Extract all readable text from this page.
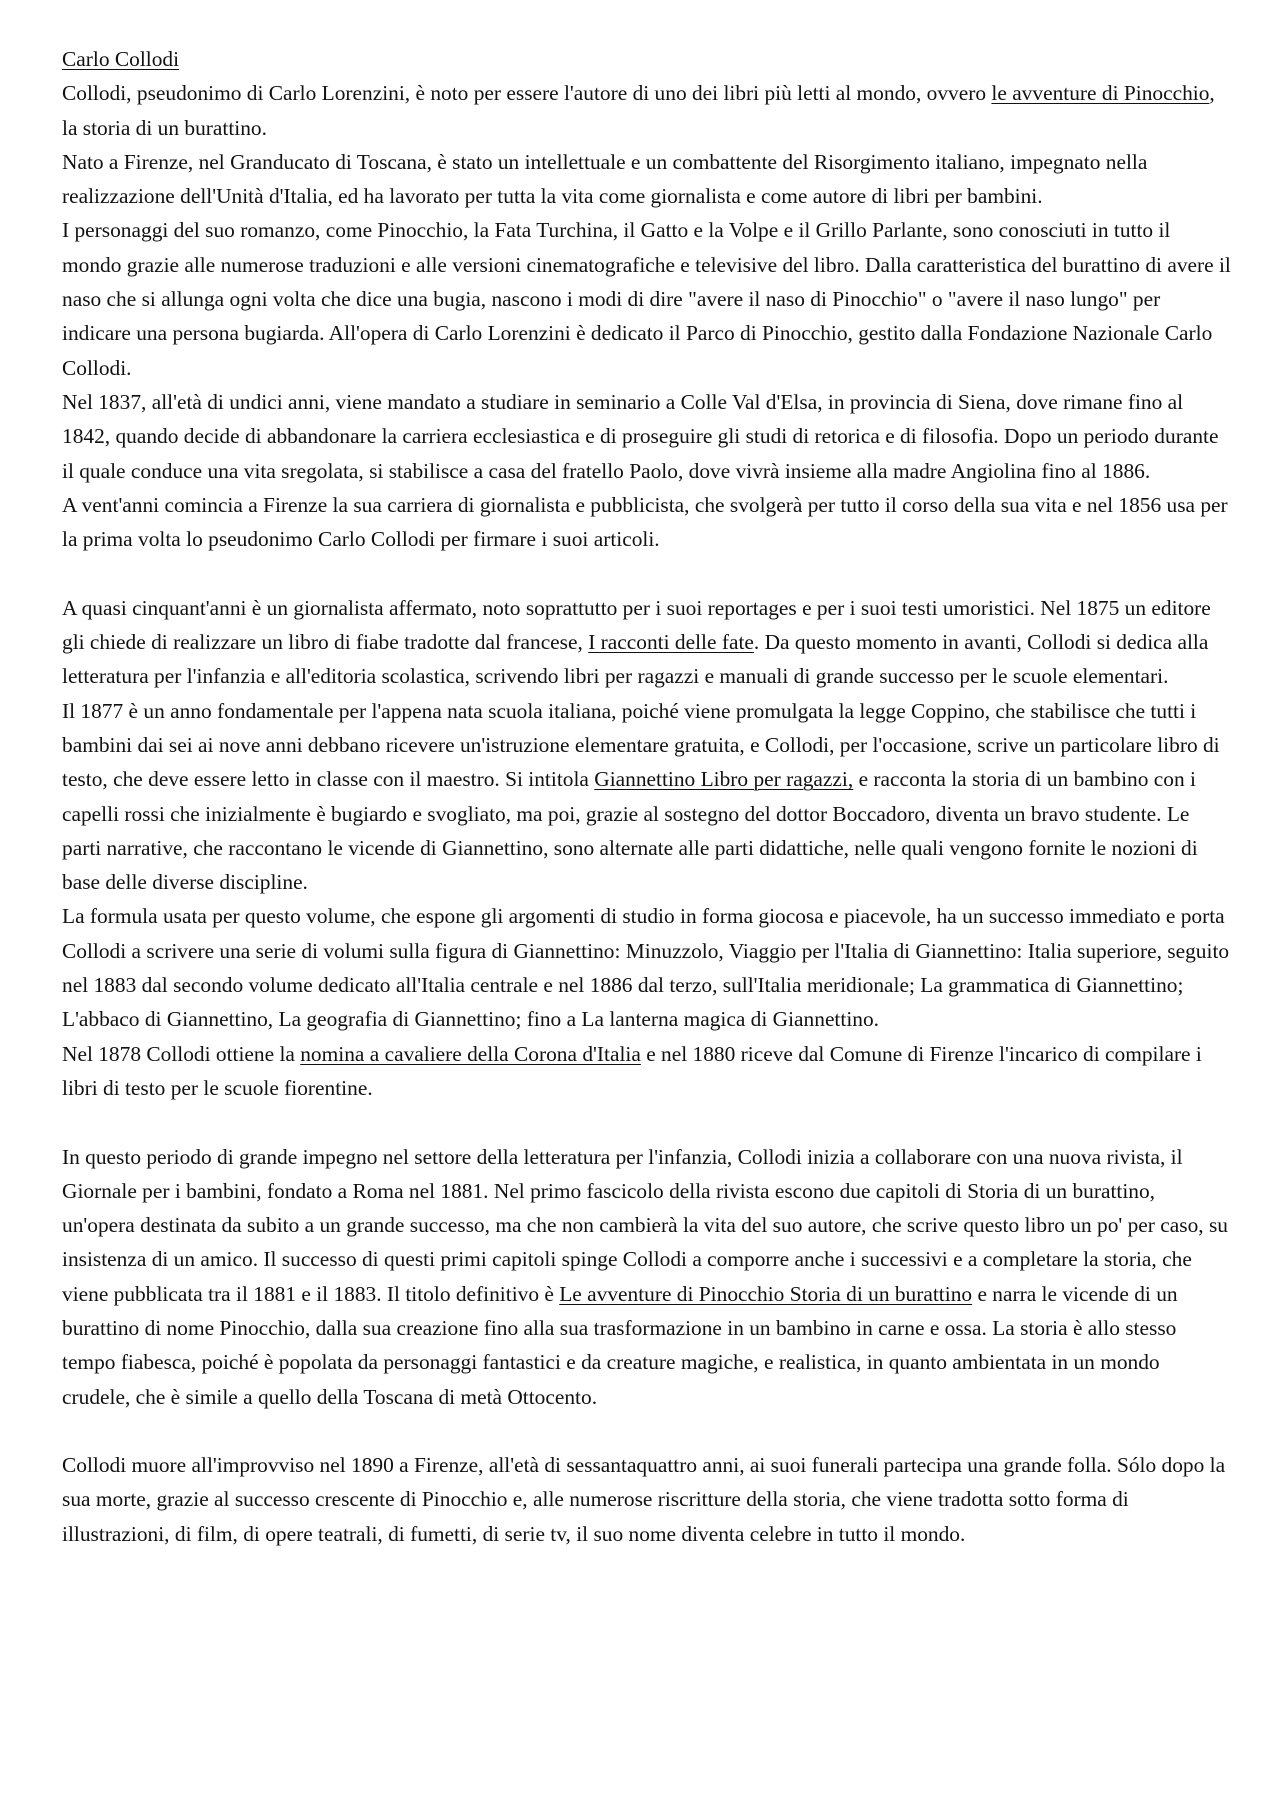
Carlo Collodi

Collodi, pseudonimo di Carlo Lorenzini, è noto per essere l'autore di uno dei libri più letti al mondo, ovvero le avventure di Pinocchio, la storia di un burattino.

Nato a Firenze, nel Granducato di Toscana, è stato un intellettuale e un combattente del Risorgimento italiano, impegnato nella realizzazione dell'Unità d'Italia, ed ha lavorato per tutta la vita come giornalista e come autore di libri per bambini.

I personaggi del suo romanzo, come Pinocchio, la Fata Turchina, il Gatto e la Volpe e il Grillo Parlante, sono conosciuti in tutto il mondo grazie alle numerose traduzioni e alle versioni cinematografiche e televisive del libro. Dalla caratteristica del burattino di avere il naso che si allunga ogni volta che dice una bugia, nascono i modi di dire "avere il naso di Pinocchio" o "avere il naso lungo" per indicare una persona bugiarda. All'opera di Carlo Lorenzini è dedicato il Parco di Pinocchio, gestito dalla Fondazione Nazionale Carlo Collodi.

Nel 1837, all'età di undici anni, viene mandato a studiare in seminario a Colle Val d'Elsa, in provincia di Siena, dove rimane fino al 1842, quando decide di abbandonare la carriera ecclesiastica e di proseguire gli studi di retorica e di filosofia. Dopo un periodo durante il quale conduce una vita sregolata, si stabilisce a casa del fratello Paolo, dove vivrà insieme alla madre Angiolina fino al 1886.

A vent'anni comincia a Firenze la sua carriera di giornalista e pubblicista, che svolgerà per tutto il corso della sua vita e nel 1856 usa per la prima volta lo pseudonimo Carlo Collodi per firmare i suoi articoli.

A quasi cinquant'anni è un giornalista affermato, noto soprattutto per i suoi reportages e per i suoi testi umoristici. Nel 1875 un editore gli chiede di realizzare un libro di fiabe tradotte dal francese, I racconti delle fate. Da questo momento in avanti, Collodi si dedica alla letteratura per l'infanzia e all'editoria scolastica, scrivendo libri per ragazzi e manuali di grande successo per le scuole elementari.

Il 1877 è un anno fondamentale per l'appena nata scuola italiana, poiché viene promulgata la legge Coppino, che stabilisce che tutti i bambini dai sei ai nove anni debbano ricevere un'istruzione elementare gratuita, e Collodi, per l'occasione, scrive un particolare libro di testo, che deve essere letto in classe con il maestro. Si intitola Giannettino Libro per ragazzi, e racconta la storia di un bambino con i capelli rossi che inizialmente è bugiardo e svogliato, ma poi, grazie al sostegno del dottor Boccadoro, diventa un bravo studente. Le parti narrative, che raccontano le vicende di Giannettino, sono alternate alle parti didattiche, nelle quali vengono fornite le nozioni di base delle diverse discipline.

La formula usata per questo volume, che espone gli argomenti di studio in forma giocosa e piacevole, ha un successo immediato e porta Collodi a scrivere una serie di volumi sulla figura di Giannettino: Minuzzolo, Viaggio per l'Italia di Giannettino: Italia superiore, seguito nel 1883 dal secondo volume dedicato all'Italia centrale e nel 1886 dal terzo, sull'Italia meridionale; La grammatica di Giannettino; L'abbaco di Giannettino, La geografia di Giannettino; fino a La lanterna magica di Giannettino.

Nel 1878 Collodi ottiene la nomina a cavaliere della Corona d'Italia e nel 1880 riceve dal Comune di Firenze l'incarico di compilare i libri di testo per le scuole fiorentine.

In questo periodo di grande impegno nel settore della letteratura per l'infanzia, Collodi inizia a collaborare con una nuova rivista, il Giornale per i bambini, fondato a Roma nel 1881. Nel primo fascicolo della rivista escono due capitoli di Storia di un burattino, un'opera destinata da subito a un grande successo, ma che non cambierà la vita del suo autore, che scrive questo libro un po' per caso, su insistenza di un amico. Il successo di questi primi capitoli spinge Collodi a comporre anche i successivi e a completare la storia, che viene pubblicata tra il 1881 e il 1883. Il titolo definitivo è Le avventure di Pinocchio Storia di un burattino e narra le vicende di un burattino di nome Pinocchio, dalla sua creazione fino alla sua trasformazione in un bambino in carne e ossa. La storia è allo stesso tempo fiabesca, poiché è popolata da personaggi fantastici e da creature magiche, e realistica, in quanto ambientata in un mondo crudele, che è simile a quello della Toscana di metà Ottocento.

Collodi muore all'improvviso nel 1890 a Firenze, all'età di sessantaquattro anni, ai suoi funerali partecipa una grande folla. Sólo dopo la sua morte, grazie al successo crescente di Pinocchio e, alle numerose riscritture della storia, che viene tradotta sotto forma di illustrazioni, di film, di opere teatrali, di fumetti, di serie tv, il suo nome diventa celebre in tutto il mondo.
